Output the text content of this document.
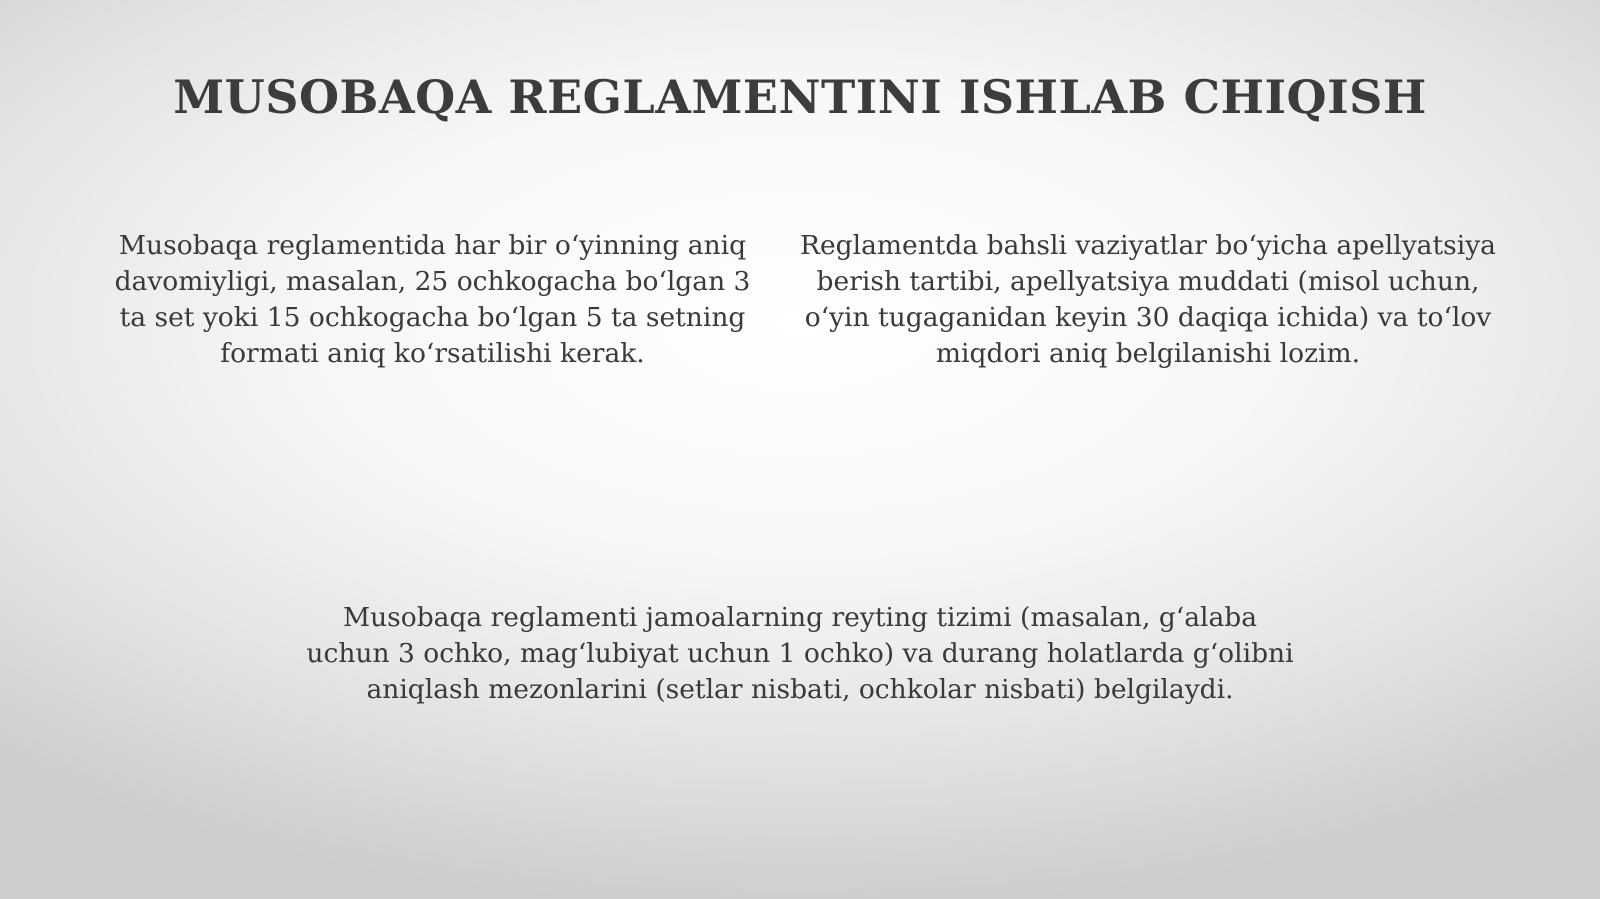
MUSOBAQA REGLAMENTINI ISHLAB CHIQISH

Musobaqa reglamentida har bir o‘yinning aniq davomiyligi, masalan, 25 ochkogacha bo‘lgan 3 ta set yoki 15 ochkogacha bo‘lgan 5 ta setning formati aniq ko‘rsatilishi kerak.

Reglamentda bahsli vaziyatlar bo‘yicha apellyatsiya berish tartibi, apellyatsiya muddati (misol uchun, o‘yin tugaganidan keyin 30 daqiqa ichida) va to‘lov miqdori aniq belgilanishi lozim.

Musobaqa reglamenti jamoalarning reyting tizimi (masalan, g‘alaba uchun 3 ochko, mag‘lubiyat uchun 1 ochko) va durang holatlarda g‘olibni aniqlash mezonlarini (setlar nisbati, ochkolar nisbati) belgilaydi.
